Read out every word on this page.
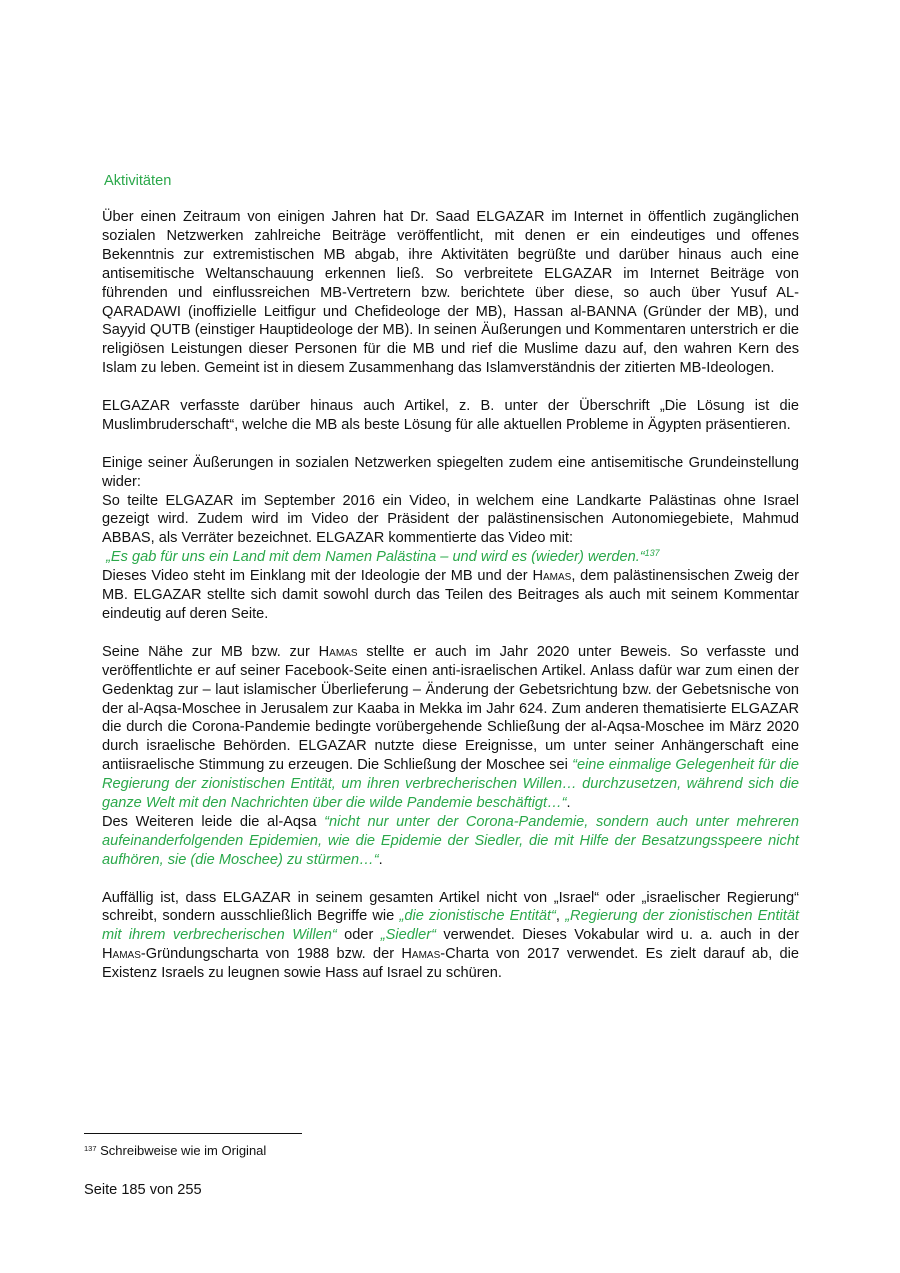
Aktivitäten

Über einen Zeitraum von einigen Jahren hat Dr. Saad ELGAZAR im Internet in öffentlich zugänglichen sozialen Netzwerken zahlreiche Beiträge veröffentlicht, mit denen er ein eindeutiges und offenes Bekenntnis zur extremistischen MB abgab, ihre Aktivitäten begrüßte und darüber hinaus auch eine antisemitische Weltanschauung erkennen ließ. So verbreitete ELGAZAR im Internet Beiträge von führenden und einflussreichen MB-Vertretern bzw. berichtete über diese, so auch über Yusuf AL-QARADAWI (inoffizielle Leitfigur und Chefideologe der MB), Hassan al-BANNA (Gründer der MB), und Sayyid QUTB (einstiger Hauptideologe der MB). In seinen Äußerungen und Kommentaren unterstrich er die religiösen Leistungen dieser Personen für die MB und rief die Muslime dazu auf, den wahren Kern des Islam zu leben. Gemeint ist in diesem Zusammenhang das Islamverständnis der zitierten MB-Ideologen.

ELGAZAR verfasste darüber hinaus auch Artikel, z. B. unter der Überschrift „Die Lösung ist die Muslimbruderschaft“, welche die MB als beste Lösung für alle aktuellen Probleme in Ägypten präsentieren.

Einige seiner Äußerungen in sozialen Netzwerken spiegelten zudem eine antisemitische Grundeinstellung wider:

So teilte ELGAZAR im September 2016 ein Video, in welchem eine Landkarte Palästinas ohne Israel gezeigt wird. Zudem wird im Video der Präsident der palästinensischen Autonomiegebiete, Mahmud ABBAS, als Verräter bezeichnet. ELGAZAR kommentierte das Video mit:

„Es gab für uns ein Land mit dem Namen Palästina – und wird es (wieder) werden.“$^{137}$

Dieses Video steht im Einklang mit der Ideologie der MB und der Hamas, dem palästinensischen Zweig der MB. ELGAZAR stellte sich damit sowohl durch das Teilen des Beitrages als auch mit seinem Kommentar eindeutig auf deren Seite.

Seine Nähe zur MB bzw. zur Hamas stellte er auch im Jahr 2020 unter Beweis. So verfasste und veröffentlichte er auf seiner Facebook-Seite einen anti-israelischen Artikel. Anlass dafür war zum einen der Gedenktag zur – laut islamischer Überlieferung – Änderung der Gebetsrichtung bzw. der Gebetsnische von der al-Aqsa-Moschee in Jerusalem zur Kaaba in Mekka im Jahr 624. Zum anderen thematisierte ELGAZAR die durch die Corona-Pandemie bedingte vorübergehende Schließung der al-Aqsa-Moschee im März 2020 durch israelische Behörden. ELGAZAR nutzte diese Ereignisse, um unter seiner Anhängerschaft eine antiisraelische Stimmung zu erzeugen. Die Schließung der Moschee sei “eine einmalige Gelegenheit für die Regierung der zionistischen Entität, um ihren verbrecherischen Willen… durchzusetzen, während sich die ganze Welt mit den Nachrichten über die wilde Pandemie beschäftigt…“.

Des Weiteren leide die al-Aqsa “nicht nur unter der Corona-Pandemie, sondern auch unter mehreren aufeinanderfolgenden Epidemien, wie die Epidemie der Siedler, die mit Hilfe der Besatzungsspeere nicht aufhören, sie (die Moschee) zu stürmen…“.

Auffällig ist, dass ELGAZAR in seinem gesamten Artikel nicht von „Israel“ oder „israelischer Regierung“ schreibt, sondern ausschließlich Begriffe wie „die zionistische Entität“, „Regierung der zionistischen Entität mit ihrem verbrecherischen Willen“ oder „Siedler“ verwendet. Dieses Vokabular wird u. a. auch in der Hamas-Gründungscharta von 1988 bzw. der Hamas-Charta von 2017 verwendet. Es zielt darauf ab, die Existenz Israels zu leugnen sowie Hass auf Israel zu schüren.

$^{137}$ Schreibweise wie im Original
Seite 185 von 255
